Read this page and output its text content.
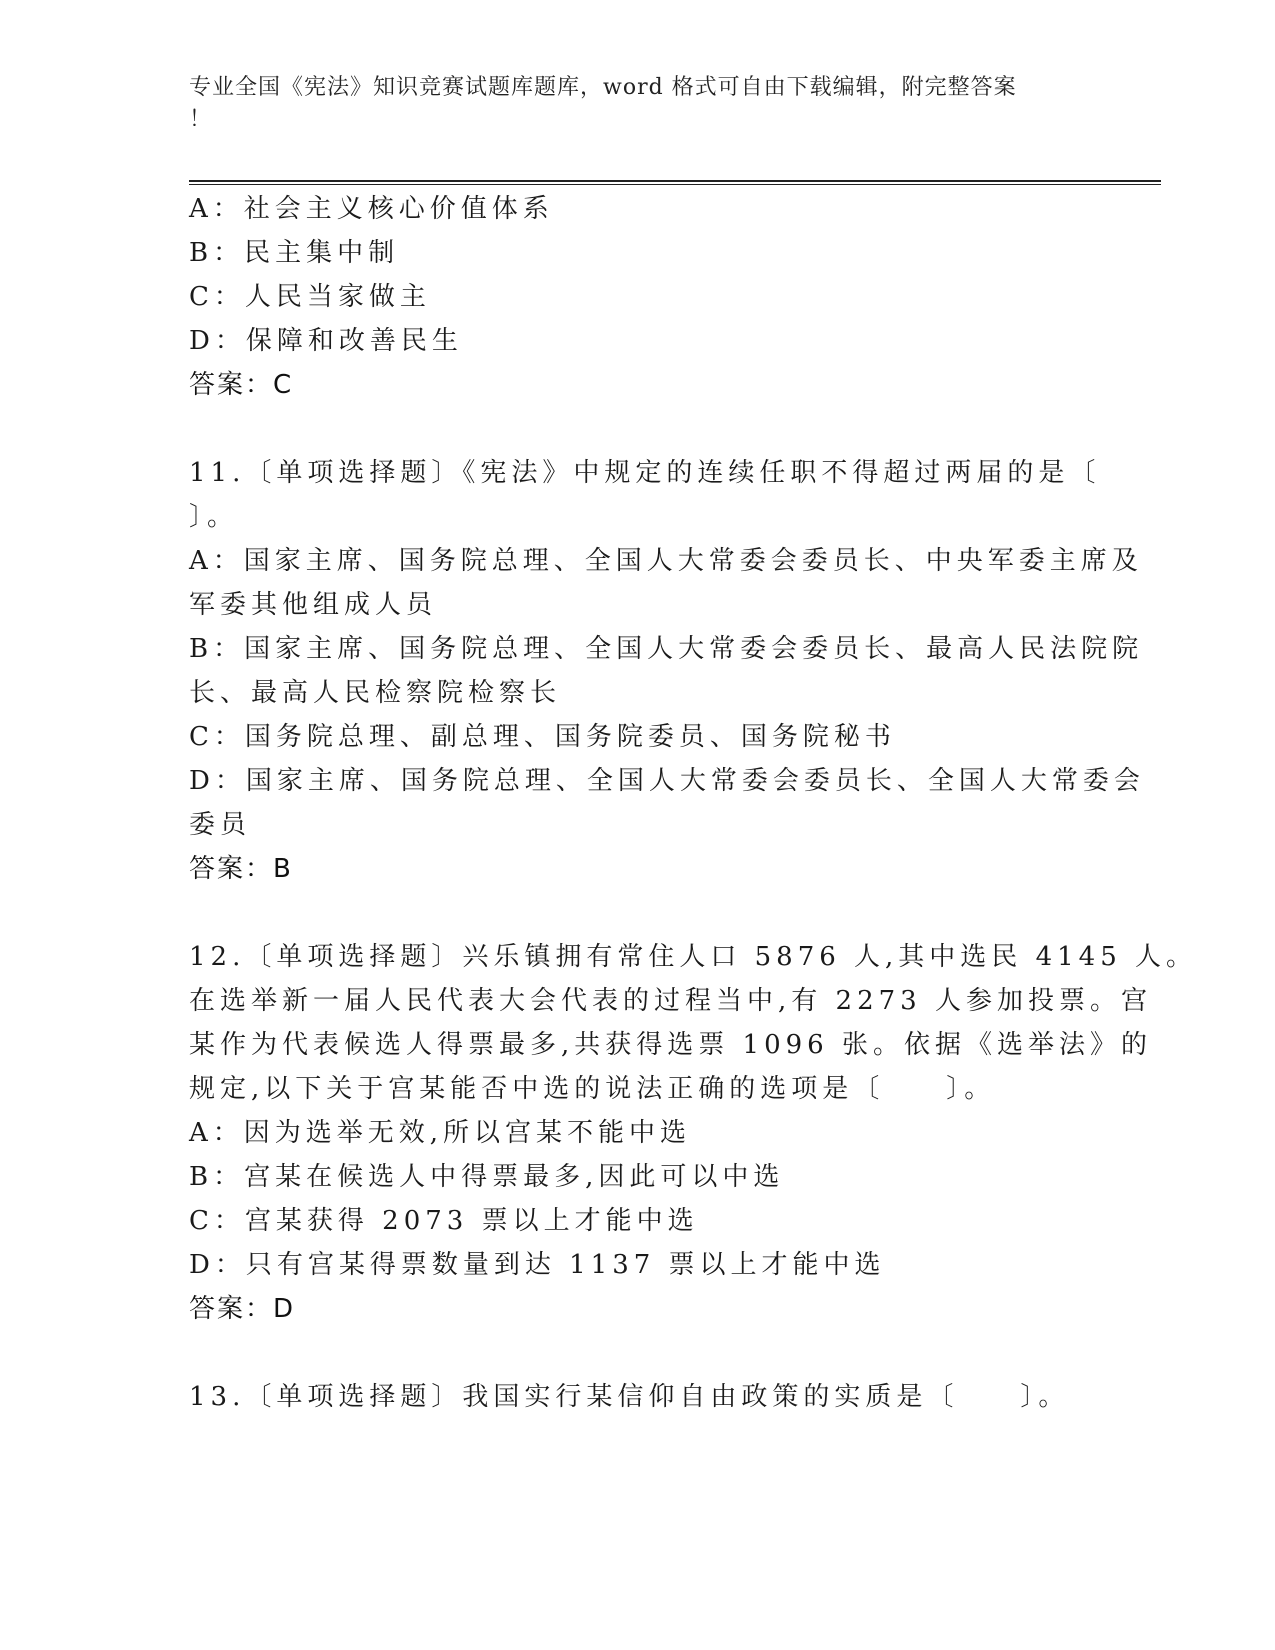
专业全国《宪法》知识竞赛试题库题库，word 格式可自由下载编辑，附完整答案
！
A：社会主义核心价值体系
B：民主集中制
C：人民当家做主
D：保障和改善民生
答案：C
11.〔单项选择题〕《宪法》中规定的连续任职不得超过两届的是〔
〕。
A：国家主席、国务院总理、全国人大常委会委员长、中央军委主席及
军委其他组成人员
B：国家主席、国务院总理、全国人大常委会委员长、最高人民法院院
长、最高人民检察院检察长
C：国务院总理、副总理、国务院委员、国务院秘书
D：国家主席、国务院总理、全国人大常委会委员长、全国人大常委会
委员
答案：B
12.〔单项选择题〕兴乐镇拥有常住人口 5876 人,其中选民 4145 人。
在选举新一届人民代表大会代表的过程当中,有 2273 人参加投票。宫
某作为代表候选人得票最多,共获得选票 1096 张。依据《选举法》的
规定,以下关于宫某能否中选的说法正确的选项是〔　　〕。
A：因为选举无效,所以宫某不能中选
B：宫某在候选人中得票最多,因此可以中选
C：宫某获得 2073 票以上才能中选
D：只有宫某得票数量到达 1137 票以上才能中选
答案：D
13.〔单项选择题〕我国实行某信仰自由政策的实质是〔　　〕。
